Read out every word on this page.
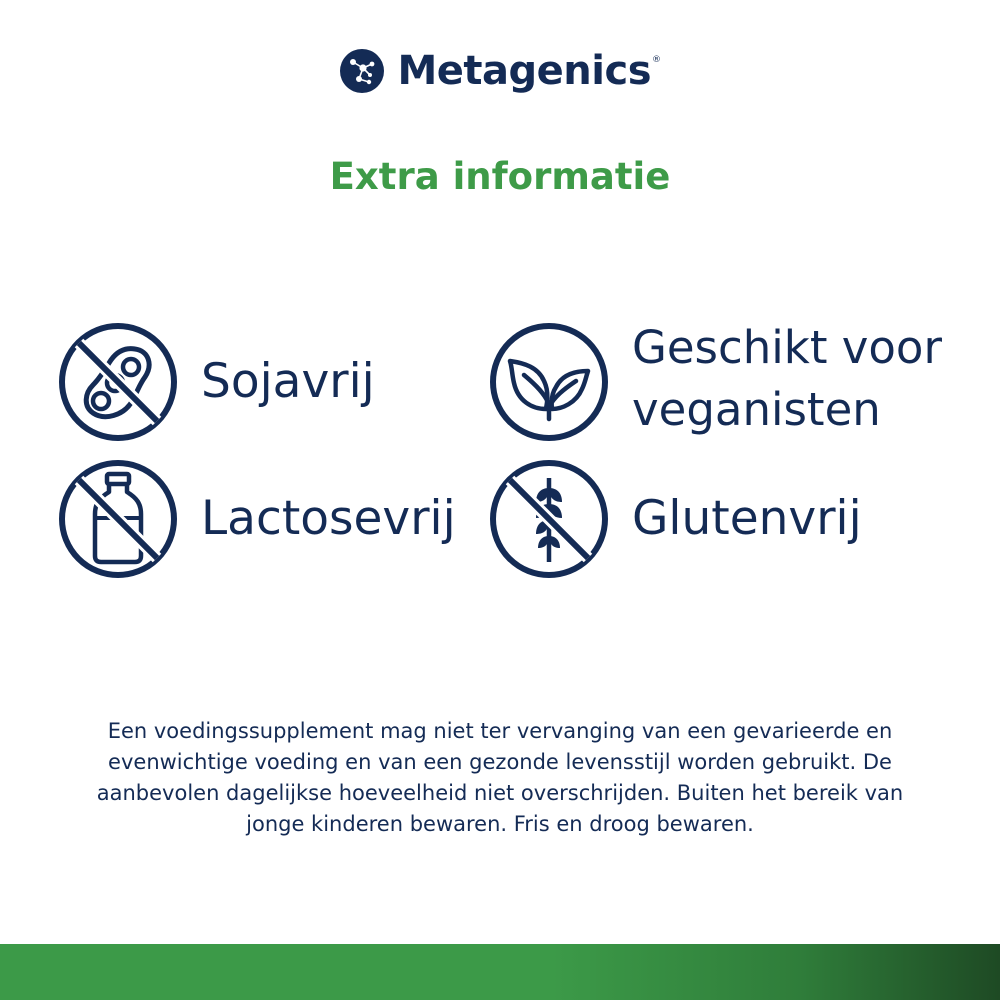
Metagenics®
Extra informatie
Sojavrij
Geschikt voor
veganisten
Lactosevrij	Glutenvrij

Een voedingssupplement mag niet ter vervanging van een gevarieerde en
evenwichtige voeding en van een gezonde levensstijl worden gebruikt. De
aanbevolen dagelijkse hoeveelheid niet overschrijden. Buiten het bereik van
jonge kinderen bewaren. Fris en droog bewaren.
